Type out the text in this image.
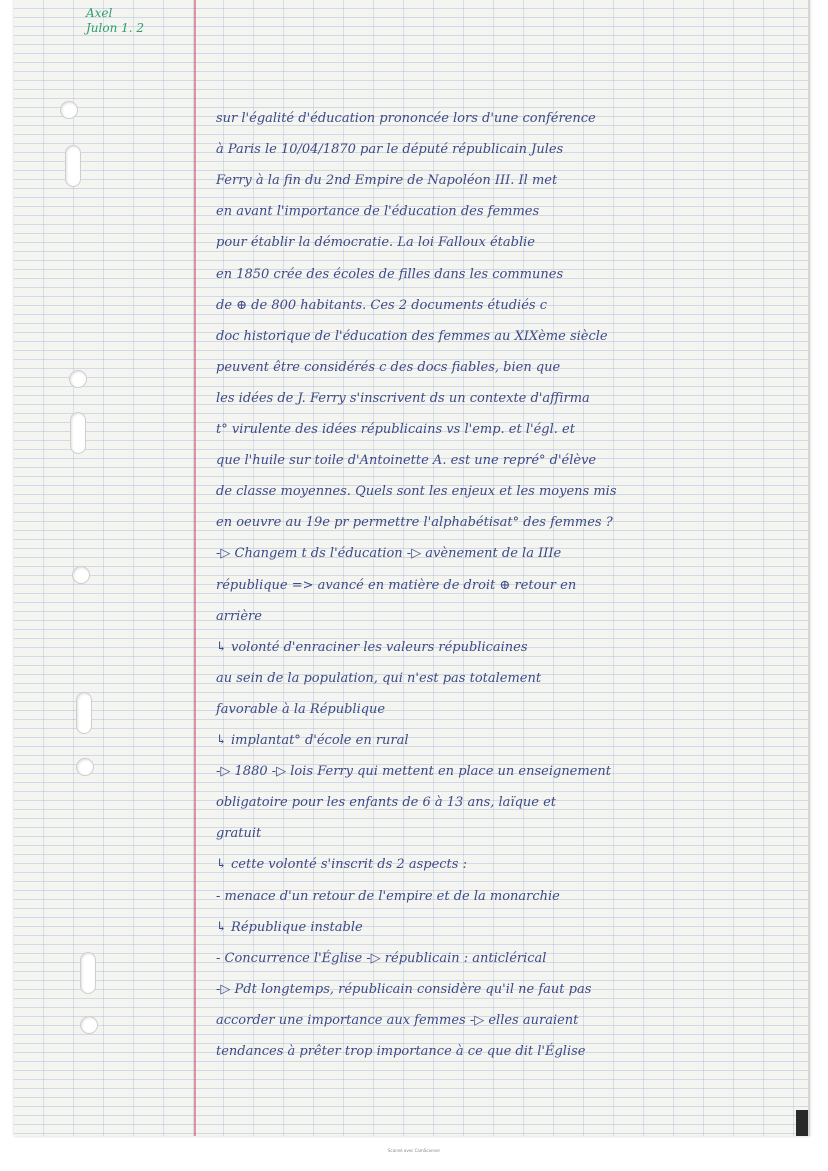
Axel
Julon 1. 2
sur l'égalité d'éducation prononcée lors d'une conférence
à Paris le 10/04/1870 par le député républicain Jules
Ferry à la fin du 2nd Empire de Napoléon III. Il met
en avant l'importance de l'éducation des femmes
pour établir la démocratie. La loi Falloux établie
en 1850 crée des écoles de filles dans les communes
de ⊕ de 800 habitants. Ces 2 documents étudiés c
doc historique de l'éducation des femmes au XIXème siècle
peuvent être considérés c des docs fiables, bien que
les idées de J. Ferry s'inscrivent ds un contexte d'affirma
t° virulente des idées républicains vs l'emp. et l'égl. et
que l'huile sur toile d'Antoinette A. est une repré° d'élève
de classe moyennes. Quels sont les enjeux et les moyens mis
en oeuvre au 19e pr permettre l'alphabétisat° des femmes ?
-▷ Changem t ds l'éducation -▷ avènement de la IIIe
république => avancé en matière de droit ⊕ retour en
arrière
↳ volonté d'enraciner les valeurs républicaines
au sein de la population, qui n'est pas totalement
favorable à la République
↳ implantat° d'école en rural
-▷ 1880 -▷ lois Ferry qui mettent en place un enseignement
obligatoire pour les enfants de 6 à 13 ans, laïque et
gratuit
↳ cette volonté s'inscrit ds 2 aspects :
- menace d'un retour de l'empire et de la monarchie
↳ République instable
- Concurrence l'Église -▷ républicain : anticlérical
-▷ Pdt longtemps, républicain considère qu'il ne faut pas
accorder une importance aux femmes -▷ elles auraient
tendances à prêter trop importance à ce que dit l'Église
Scanné avec CamScanner
